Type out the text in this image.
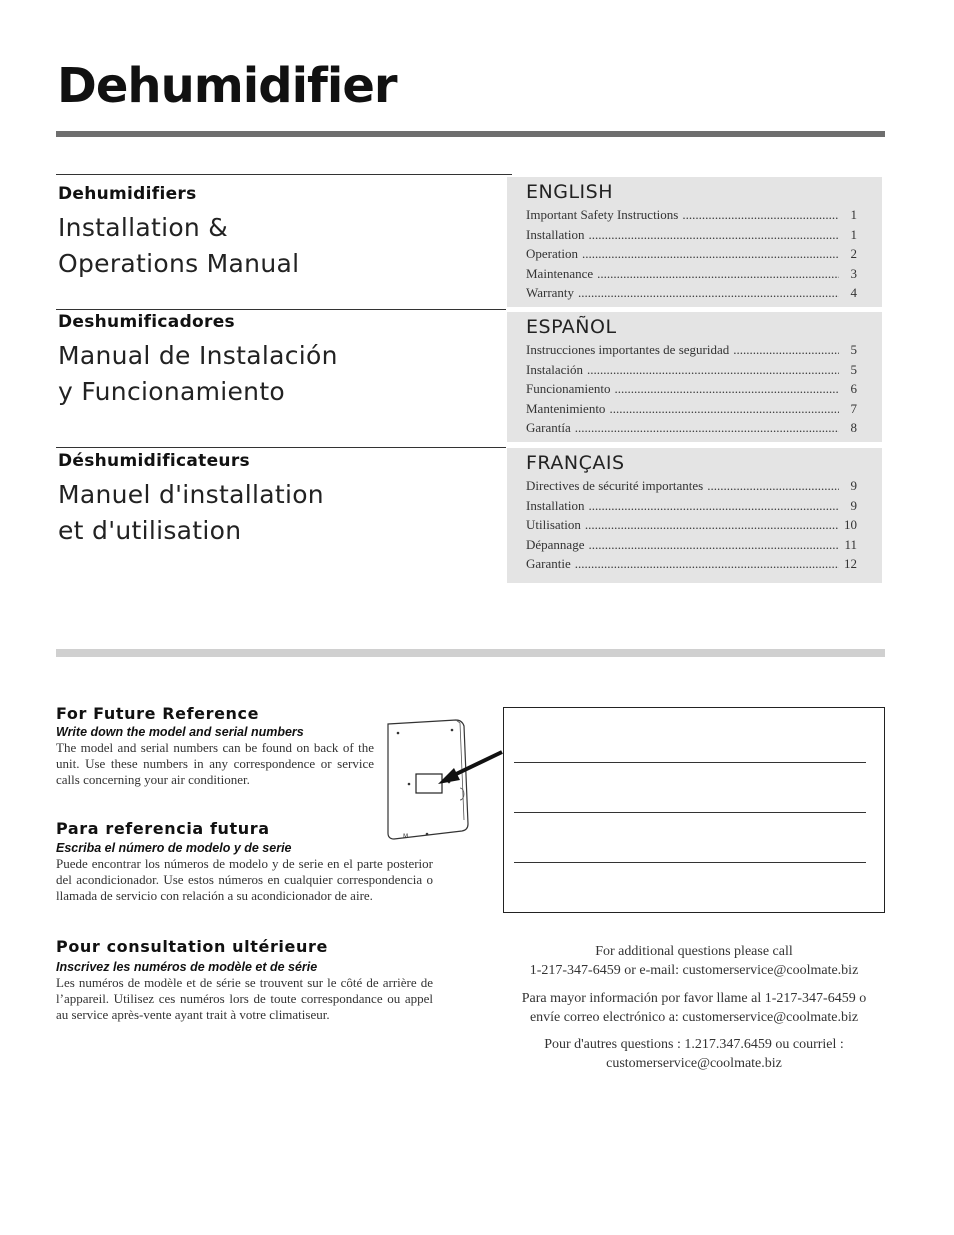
Dehumidifier
Dehumidifiers
Installation &
Operations Manual
Deshumificadores
Manual de Instalación
y Funcionamiento
Déshumidificateurs
Manuel d'installation
et d'utilisation
ENGLISH
Important Safety Instructions .....	1
Installation .....	1
Operation .....	2
Maintenance .....	3
Warranty .....	4
ESPAÑOL
Instrucciones importantes de seguridad .....	5
Instalación .....	5
Funcionamiento .....	6
Mantenimiento .....	7
Garantía .....	8
FRANÇAIS
Directives de sécurité importantes .....	9
Installation .....	9
Utilisation .....	10
Dépannage .....	11
Garantie .....	12
For Future Reference
Write down the model and serial numbers
The model and serial numbers can be found on back of the unit. Use these numbers in any correspondence or service calls concerning your air conditioner.
Para referencia futura
Escriba el número de modelo y de serie
Puede encontrar los números de modelo y de serie en el parte posterior del acondicionador. Use estos números en cualquier correspondencia o llamada de servicio con relación a su acondicionador de aire.
Pour consultation ultérieure
Inscrivez les numéros de modèle et de série
Les numéros de modèle et de série se trouvent sur le côté de arrière de l’appareil. Utilisez ces numéros lors de toute correspondance ou appel au service après-vente ayant trait à votre climatiseur.
M
For additional questions please call
1-217-347-6459 or e-mail: customerservice@coolmate.biz
Para mayor información por favor llame al 1-217-347-6459 o
envíe correo electrónico a: customerservice@coolmate.biz
Pour d'autres questions : 1.217.347.6459 ou courriel :
customerservice@coolmate.biz
